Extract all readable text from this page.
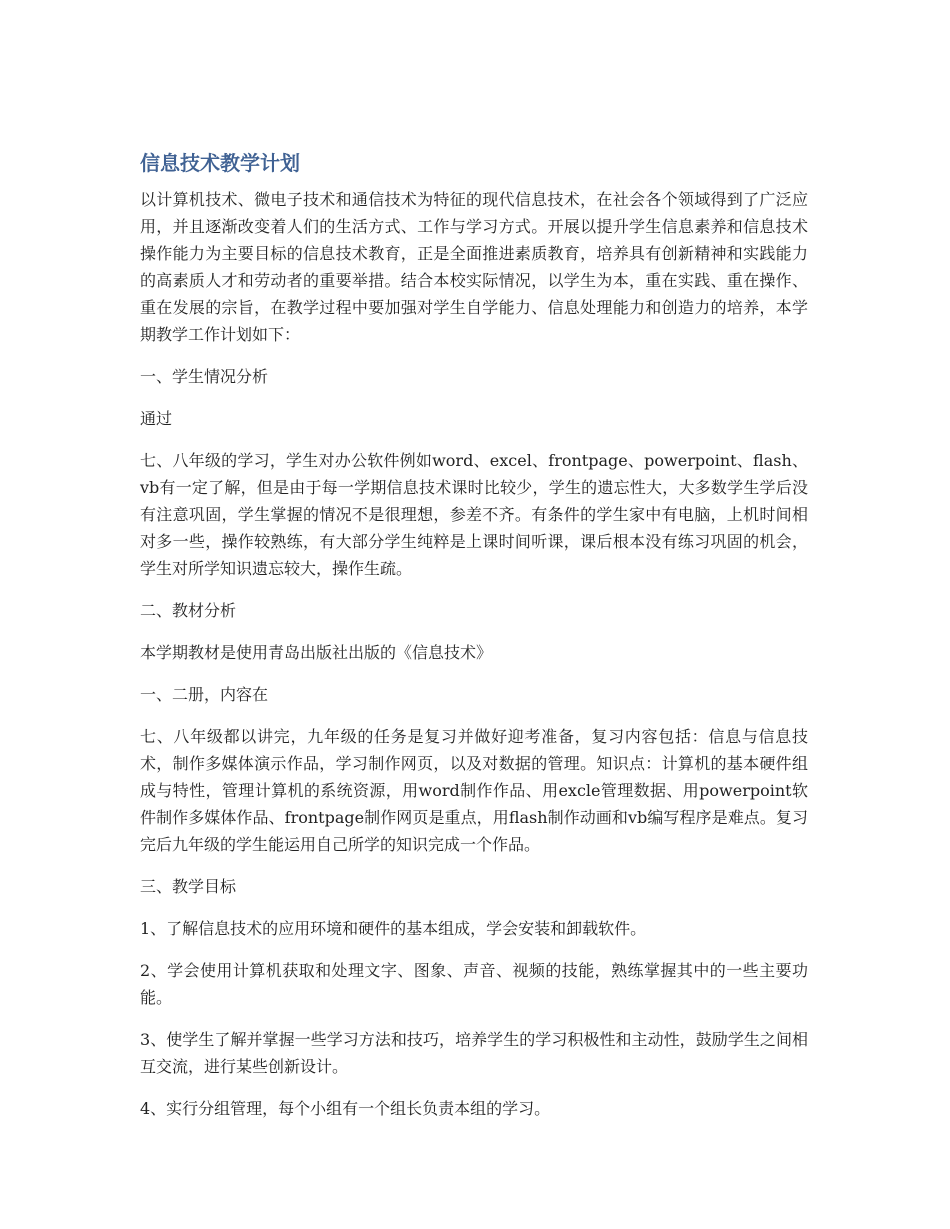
信息技术教学计划

以计算机技术、微电子技术和通信技术为特征的现代信息技术，在社会各个领域得到了广泛应用，并且逐渐改变着人们的生活方式、工作与学习方式。开展以提升学生信息素养和信息技术操作能力为主要目标的信息技术教育，正是全面推进素质教育，培养具有创新精神和实践能力的高素质人才和劳动者的重要举措。结合本校实际情况，以学生为本，重在实践、重在操作、重在发展的宗旨，在教学过程中要加强对学生自学能力、信息处理能力和创造力的培养，本学期教学工作计划如下：

一、学生情况分析

通过

七、八年级的学习，学生对办公软件例如word、excel、frontpage、powerpoint、flash、vb有一定了解，但是由于每一学期信息技术课时比较少，学生的遗忘性大，大多数学生学后没有注意巩固，学生掌握的情况不是很理想，参差不齐。有条件的学生家中有电脑，上机时间相对多一些，操作较熟练，有大部分学生纯粹是上课时间听课，课后根本没有练习巩固的机会，学生对所学知识遗忘较大，操作生疏。

二、教材分析

本学期教材是使用青岛出版社出版的《信息技术》

一、二册，内容在

七、八年级都以讲完，九年级的任务是复习并做好迎考准备，复习内容包括：信息与信息技术，制作多媒体演示作品，学习制作网页，以及对数据的管理。知识点：计算机的基本硬件组成与特性，管理计算机的系统资源，用word制作作品、用excle管理数据、用powerpoint软件制作多媒体作品、frontpage制作网页是重点，用flash制作动画和vb编写程序是难点。复习完后九年级的学生能运用自己所学的知识完成一个作品。

三、教学目标

1、了解信息技术的应用环境和硬件的基本组成，学会安装和卸载软件。

2、学会使用计算机获取和处理文字、图象、声音、视频的技能，熟练掌握其中的一些主要功能。

3、使学生了解并掌握一些学习方法和技巧，培养学生的学习积极性和主动性，鼓励学生之间相互交流，进行某些创新设计。

4、实行分组管理，每个小组有一个组长负责本组的学习。
